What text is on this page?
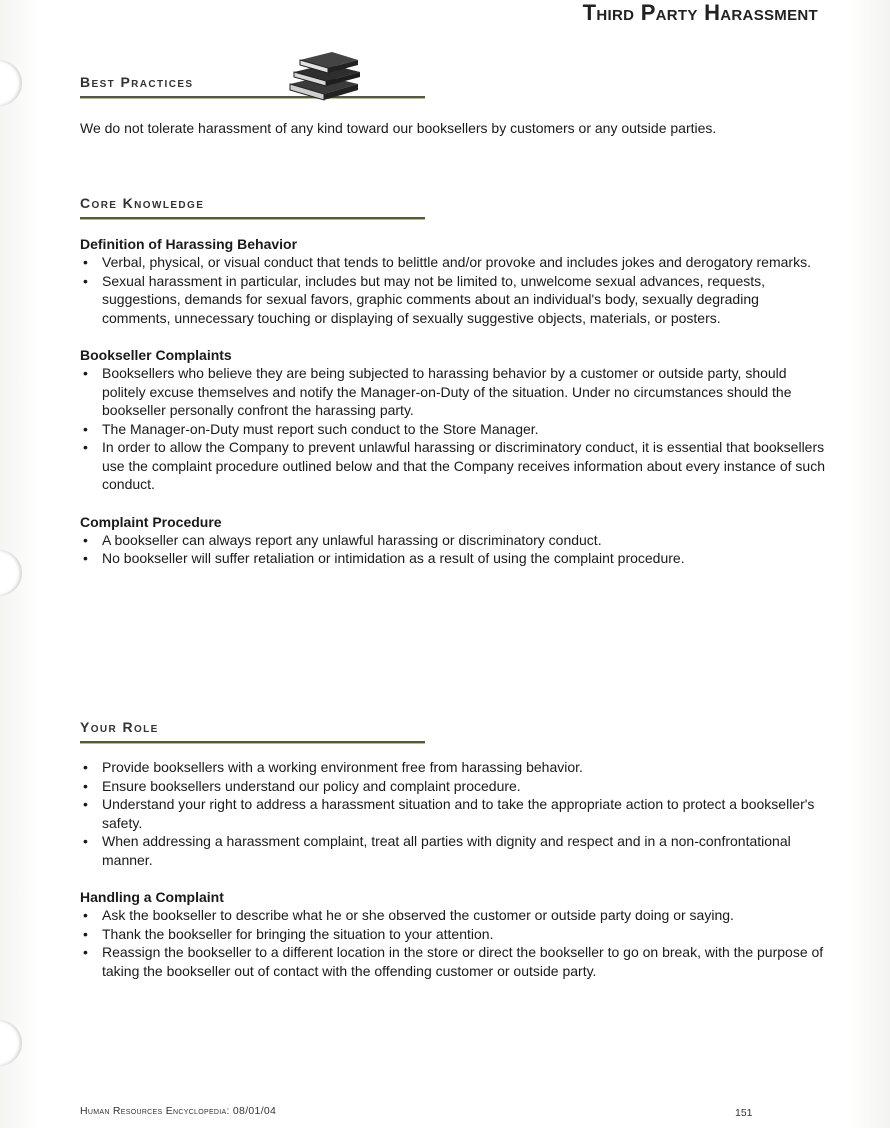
Third Party Harassment
Best Practices

We do not tolerate harassment of any kind toward our booksellers by customers or any outside parties.

Core Knowledge

Definition of Harassing Behavior

• Verbal, physical, or visual conduct that tends to belittle and/or provoke and includes jokes and derogatory remarks.
• Sexual harassment in particular, includes but may not be limited to, unwelcome sexual advances, requests, suggestions, demands for sexual favors, graphic comments about an individual's body, sexually degrading comments, unnecessary touching or displaying of sexually suggestive objects, materials, or posters.

Bookseller Complaints

• Booksellers who believe they are being subjected to harassing behavior by a customer or outside party, should politely excuse themselves and notify the Manager-on-Duty of the situation. Under no circumstances should the bookseller personally confront the harassing party.
• The Manager-on-Duty must report such conduct to the Store Manager.
• In order to allow the Company to prevent unlawful harassing or discriminatory conduct, it is essential that booksellers use the complaint procedure outlined below and that the Company receives information about every instance of such conduct.

Complaint Procedure

• A bookseller can always report any unlawful harassing or discriminatory conduct.
• No bookseller will suffer retaliation or intimidation as a result of using the complaint procedure.
Your Role
• Provide booksellers with a working environment free from harassing behavior.
• Ensure booksellers understand our policy and complaint procedure.
• Understand your right to address a harassment situation and to take the appropriate action to protect a bookseller's safety.
• When addressing a harassment complaint, treat all parties with dignity and respect and in a non-confrontational manner.

Handling a Complaint

• Ask the bookseller to describe what he or she observed the customer or outside party doing or saying.
• Thank the bookseller for bringing the situation to your attention.
• Reassign the bookseller to a different location in the store or direct the bookseller to go on break, with the purpose of taking the bookseller out of contact with the offending customer or outside party.
Human Resources Encyclopedia: 08/01/04	151
